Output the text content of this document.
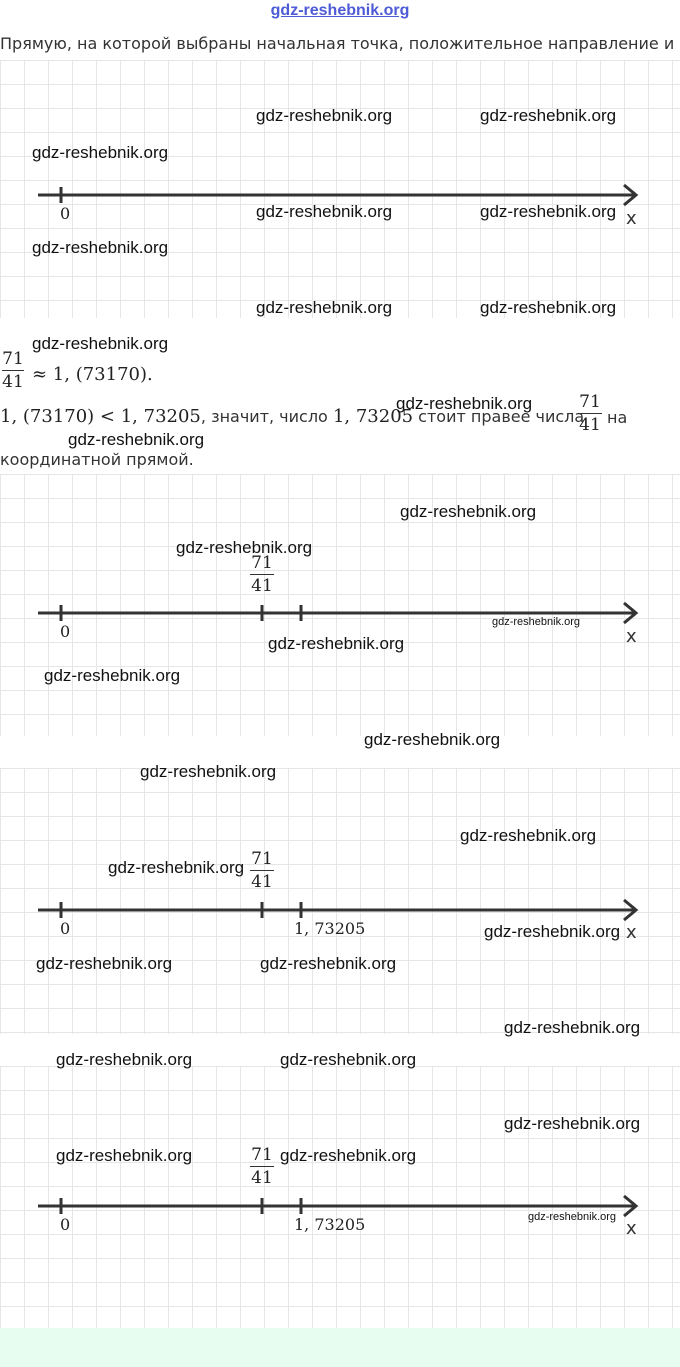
gdz-reshebnik.org
Прямую, на которой выбраны начальная точка, положительное направление и
0	x
gdz-reshebnik.org	gdz-reshebnik.org
gdz-reshebnik.org
gdz-reshebnik.org	gdz-reshebnik.org
gdz-reshebnik.org
gdz-reshebnik.org	gdz-reshebnik.org
gdz-reshebnik.org
71
41 ≈ 1, (73170).
1, (73170) < 1, 73205, значит, число 1, 73205 стоит правее числа
71
41 на
координатной прямой.
gdz-reshebnik.org
gdz-reshebnik.org
71
41
0	x
gdz-reshebnik.org
gdz-reshebnik.org
gdz-reshebnik.org
gdz-reshebnik.org
gdz-reshebnik.org
gdz-reshebnik.org
71
41
0	1, 73205	x
gdz-reshebnik.org
gdz-reshebnik.org
gdz-reshebnik.org
gdz-reshebnik.org
gdz-reshebnik.org	gdz-reshebnik.org
gdz-reshebnik.org
71
41
0	1, 73205	x
gdz-reshebnik.org	gdz-reshebnik.org
gdz-reshebnik.org
gdz-reshebnik.org	gdz-reshebnik.org
gdz-reshebnik.org
